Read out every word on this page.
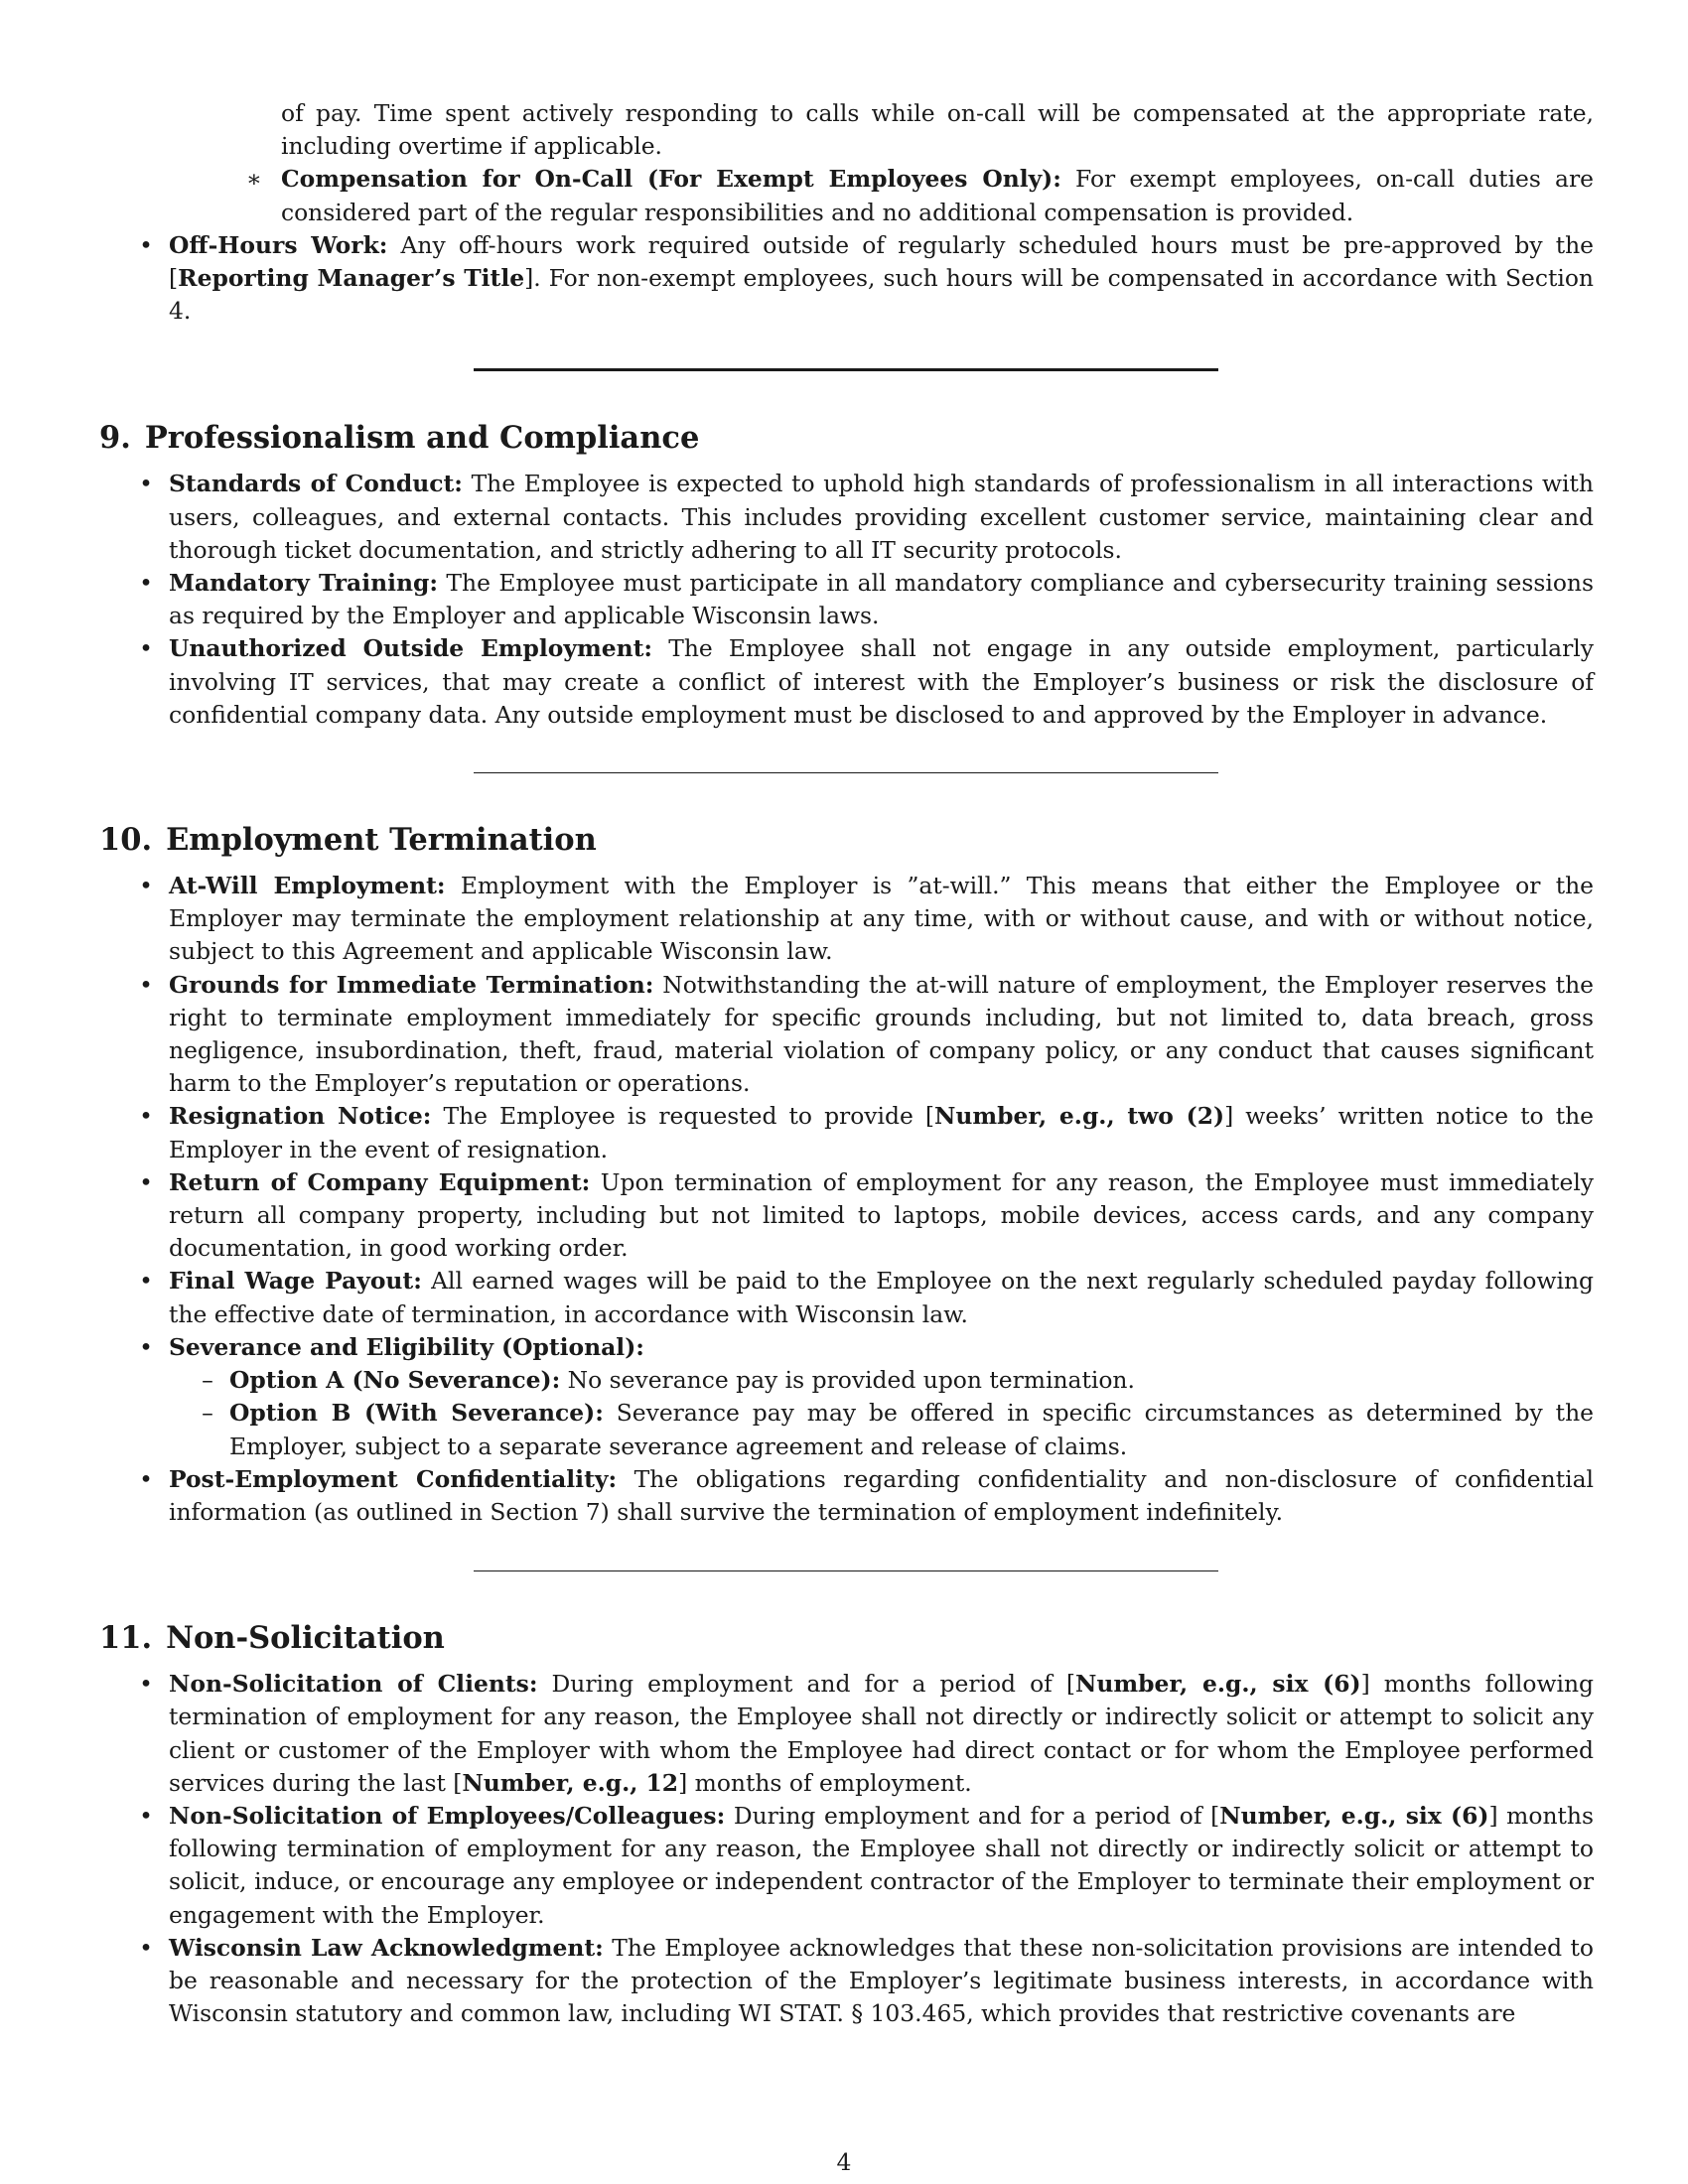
of pay. Time spent actively responding to calls while on-call will be compensated at the appropriate rate, including overtime if applicable.

∗ Compensation for On-Call (For Exempt Employees Only): For exempt employees, on-call duties are considered part of the regular responsibilities and no additional compensation is provided.
• Off-Hours Work: Any off-hours work required outside of regularly scheduled hours must be pre-approved by the [Reporting Manager’s Title]. For non-exempt employees, such hours will be compensated in accordance with Section 4.
9. Professionalism and Compliance
• Standards of Conduct: The Employee is expected to uphold high standards of professionalism in all interactions with users, colleagues, and external contacts. This includes providing excellent customer service, maintaining clear and thorough ticket documentation, and strictly adhering to all IT security protocols.
• Mandatory Training: The Employee must participate in all mandatory compliance and cybersecurity training sessions as required by the Employer and applicable Wisconsin laws.
• Unauthorized Outside Employment: The Employee shall not engage in any outside employment, particularly involving IT services, that may create a conflict of interest with the Employer’s business or risk the disclosure of confidential company data. Any outside employment must be disclosed to and approved by the Employer in advance.
10. Employment Termination
• At-Will Employment: Employment with the Employer is ”at-will.” This means that either the Employee or the Employer may terminate the employment relationship at any time, with or without cause, and with or without notice, subject to this Agreement and applicable Wisconsin law.
• Grounds for Immediate Termination: Notwithstanding the at-will nature of employment, the Employer reserves the right to terminate employment immediately for specific grounds including, but not limited to, data breach, gross negligence, insubordination, theft, fraud, material violation of company policy, or any conduct that causes significant harm to the Employer’s reputation or operations.
• Resignation Notice: The Employee is requested to provide [Number, e.g., two (2)] weeks’ written notice to the Employer in the event of resignation.
• Return of Company Equipment: Upon termination of employment for any reason, the Employee must immediately return all company property, including but not limited to laptops, mobile devices, access cards, and any company documentation, in good working order.
• Final Wage Payout: All earned wages will be paid to the Employee on the next regularly scheduled payday following the effective date of termination, in accordance with Wisconsin law.
• Severance and Eligibility (Optional):
– Option A (No Severance): No severance pay is provided upon termination.
– Option B (With Severance): Severance pay may be offered in specific circumstances as determined by the Employer, subject to a separate severance agreement and release of claims.
• Post-Employment Confidentiality: The obligations regarding confidentiality and non-disclosure of confidential information (as outlined in Section 7) shall survive the termination of employment indefinitely.
11. Non-Solicitation
• Non-Solicitation of Clients: During employment and for a period of [Number, e.g., six (6)] months following termination of employment for any reason, the Employee shall not directly or indirectly solicit or attempt to solicit any client or customer of the Employer with whom the Employee had direct contact or for whom the Employee performed services during the last [Number, e.g., 12] months of employment.
• Non-Solicitation of Employees/Colleagues: During employment and for a period of [Number, e.g., six (6)] months following termination of employment for any reason, the Employee shall not directly or indirectly solicit or attempt to solicit, induce, or encourage any employee or independent contractor of the Employer to terminate their employment or engagement with the Employer.
• Wisconsin Law Acknowledgment: The Employee acknowledges that these non-solicitation provisions are intended to be reasonable and necessary for the protection of the Employer’s legitimate business interests, in accordance with Wisconsin statutory and common law, including WI STAT. § 103.465, which provides that restrictive covenants are
4
